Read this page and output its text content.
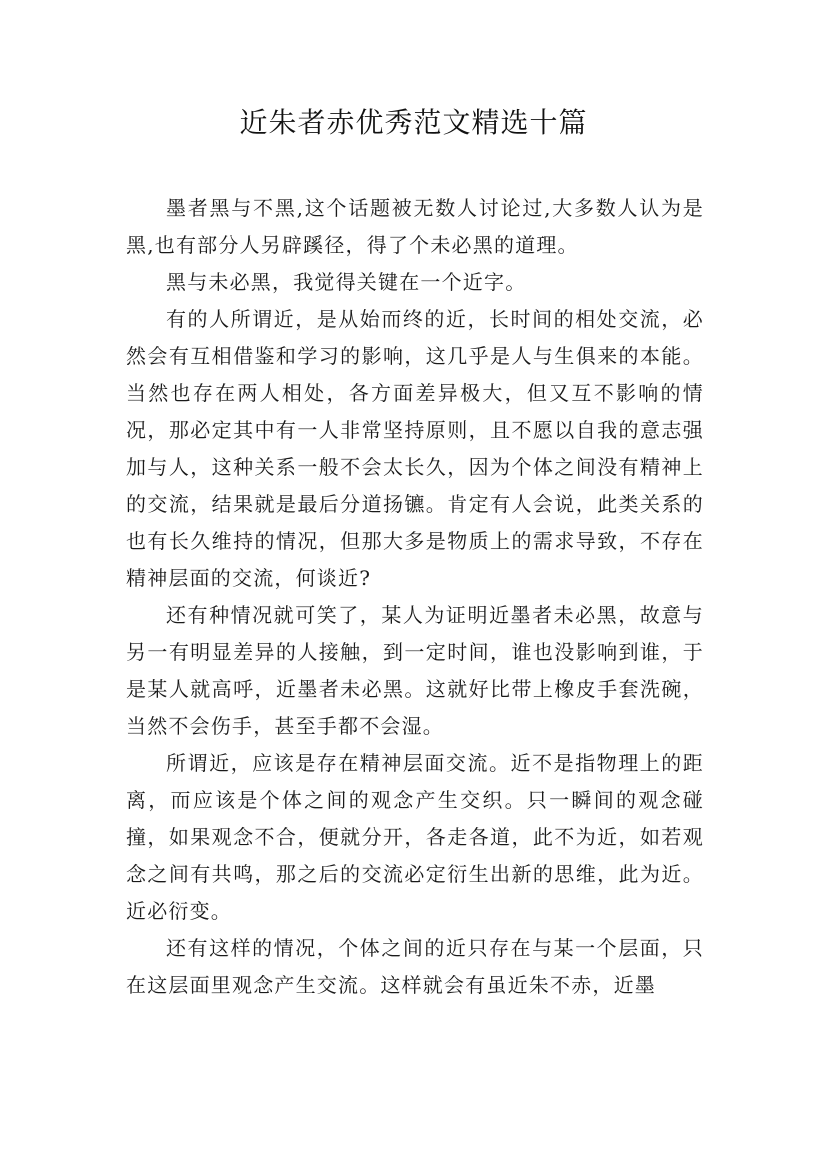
近朱者赤优秀范文精选十篇

墨者黑与不黑,这个话题被无数人讨论过,大多数人认为是黑,也有部分人另辟蹊径，得了个未必黑的道理。

黑与未必黑，我觉得关键在一个近字。

有的人所谓近，是从始而终的近，长时间的相处交流，必然会有互相借鉴和学习的影响，这几乎是人与生俱来的本能。当然也存在两人相处，各方面差异极大，但又互不影响的情况，那必定其中有一人非常坚持原则，且不愿以自我的意志强加与人，这种关系一般不会太长久，因为个体之间没有精神上的交流，结果就是最后分道扬镳。肯定有人会说，此类关系的也有长久维持的情况，但那大多是物质上的需求导致，不存在精神层面的交流，何谈近?

还有种情况就可笑了，某人为证明近墨者未必黑，故意与另一有明显差异的人接触，到一定时间，谁也没影响到谁，于是某人就高呼，近墨者未必黑。这就好比带上橡皮手套洗碗，当然不会伤手，甚至手都不会湿。

所谓近，应该是存在精神层面交流。近不是指物理上的距离，而应该是个体之间的观念产生交织。只一瞬间的观念碰撞，如果观念不合，便就分开，各走各道，此不为近，如若观念之间有共鸣，那之后的交流必定衍生出新的思维，此为近。近必衍变。

还有这样的情况，个体之间的近只存在与某一个层面，只在这层面里观念产生交流。这样就会有虽近朱不赤，近墨
